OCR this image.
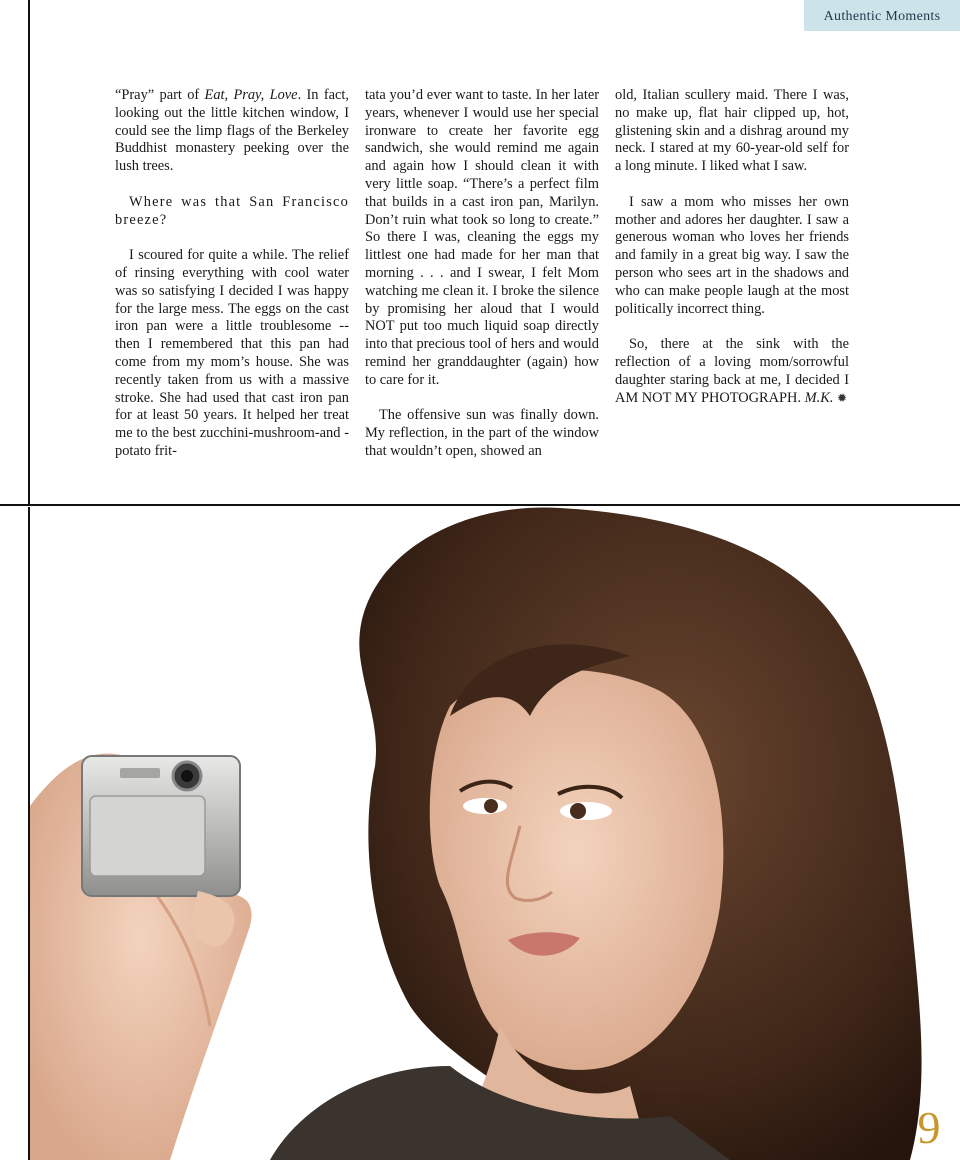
Authentic Moments

“Pray” part of Eat, Pray, Love. In fact, looking out the little kitchen window, I could see the limp flags of the Berkeley Buddhist monastery peeking over the lush trees.

Where was that San Francisco breeze?

I scoured for quite a while. The relief of rinsing everything with cool water was so satisfying I decided I was happy for the large mess. The eggs on the cast iron pan were a little troublesome -- then I remembered that this pan had come from my mom’s house. She was recently taken from us with a massive stroke. She had used that cast iron pan for at least 50 years. It helped her treat me to the best zucchini-mushroom-and -potato frit-

tata you’d ever want to taste. In her later years, whenever I would use her special ironware to create her favorite egg sandwich, she would remind me again and again how I should clean it with very little soap. “There’s a perfect film that builds in a cast iron pan, Marilyn. Don’t ruin what took so long to create.” So there I was, cleaning the eggs my littlest one had made for her man that morning . . . and I swear, I felt Mom watching me clean it. I broke the silence by promising her aloud that I would NOT put too much liquid soap directly into that precious tool of hers and would remind her granddaughter (again) how to care for it.

The offensive sun was finally down. My reflection, in the part of the window that wouldn’t open, showed an

old, Italian scullery maid. There I was, no make up, flat hair clipped up, hot, glistening skin and a dishrag around my neck. I stared at my 60-year-old self for a long minute. I liked what I saw.

I saw a mom who misses her own mother and adores her daughter. I saw a generous woman who loves her friends and family in a great big way. I saw the person who sees art in the shadows and who can make people laugh at the most politically incorrect thing.

So, there at the sink with the reflection of a loving mom/sorrowful daughter staring back at me, I decided I AM NOT MY PHOTOGRAPH. M.K. ✹

9
